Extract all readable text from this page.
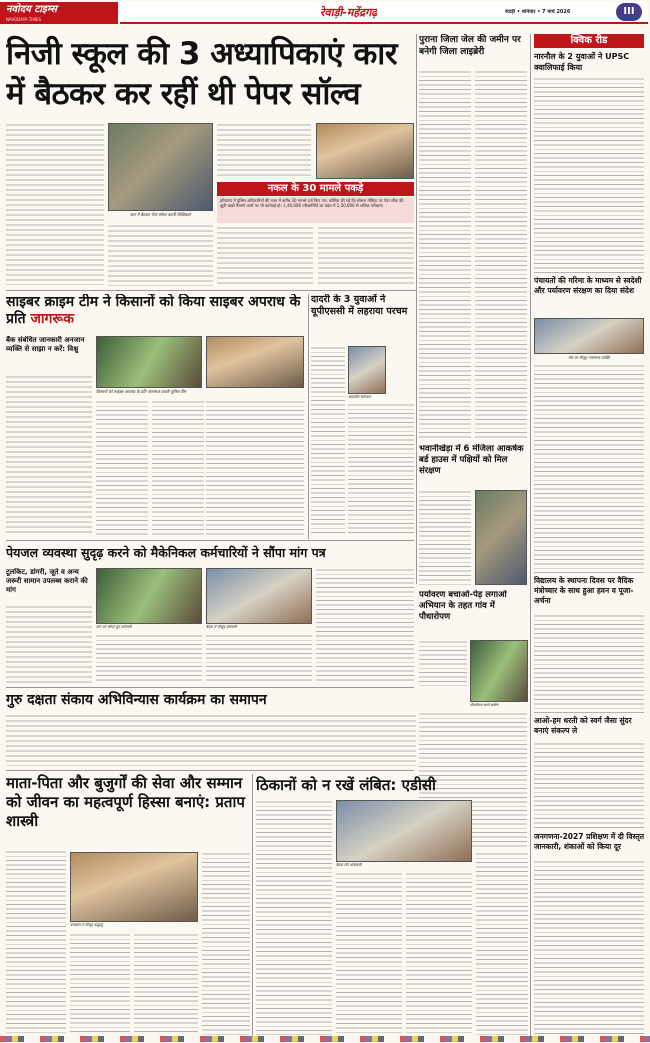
नवोदय टाइम्स
NAVODAYA TIMES
रेवाड़ी-महेंद्रगढ़	रेवाड़ी • शनिवार • 7 मार्च 2026	III
निजी स्कूल की 3 अध्यापिकाएं कार में बैठकर कर रहीं थी पेपर सॉल्व
कार में बैठकर पेपर सॉल्व करती शिक्षिकाएं
नकल के 30 मामले पकड़े
हरियाणा में पुलिस अधिकारियों की नजर में करीब 30 मामले दर्ज किए गए। कोशिश की गई कि सोशल मीडिया पर पेपर लीक की झूठी खबरें फैलाने वालों पर भी कार्रवाई हो। 1,46,606 परीक्षार्थियों का प्रदेश में 1,50,000 से अधिक परीक्षाएं।
पुराना जिला जेल की जमीन पर बनेगी जिला लाइब्रेरी
क्विक रीड
नारनौल के 2 युवाओं ने UPSC क्वालिफाई किया
पंचायतों की गरिमा के माध्यम से स्वदेशी और पर्यावरण संरक्षण का दिया संदेश
मंच पर मौजूद गणमान्य व्यक्ति
विद्यालय के स्थापना दिवस पर वैदिक मंत्रोच्चार के साथ हुआ हवन व पूजा-अर्चना
आओ-हम धरती को स्वर्ग जैसा सुंदर बनाएं संकल्प ले
जनगणना-2027 प्रशिक्षण में दी विस्तृत जानकारी, शंकाओं को किया दूर
साइबर क्राइम टीम ने किसानों को किया साइबर अपराध के प्रति जागरूक
बैंक संबंधित जानकारी अनजान व्यक्ति से साझा न करें: विश्नु
किसानों को साइबर अपराध के प्रति जागरूक करती पुलिस टीम
दादरी के 3 युवाओं ने यूपीएससी में लहराया परचम
अमरदीप सांगवान
भवानीखेड़ा में 6 मंजिला आकर्षक बर्ड हाउस में पक्षियों को मिल संरक्षण
पेयजल व्यवस्था सुदृढ़ करने को मैकेनिकल कर्मचारियों ने सौंपा मांग पत्र
टूलकिट, डांगरी, जूते व अन्य जरूरी सामान उपलब्ध कराने की मांग
मांग पत्र सौंपते हुए कर्मचारी	बैठक में मौजूद कर्मचारी
पर्यावरण बचाओ-पेड़ लगाओ अभियान के तहत गांव में पौधारोपण
पौधारोपण करते ग्रामीण
गुरु दक्षता संकाय अभिविन्यास कार्यक्रम का समापन
माता-पिता और बुजुर्गों की सेवा और सम्मान को जीवन का महत्वपूर्ण हिस्सा बनाएं: प्रताप शास्त्री
कार्यक्रम में मौजूद श्रद्धालु
ठिकानों को न रखें लंबित: एडीसी
बैठक लेते अधिकारी
